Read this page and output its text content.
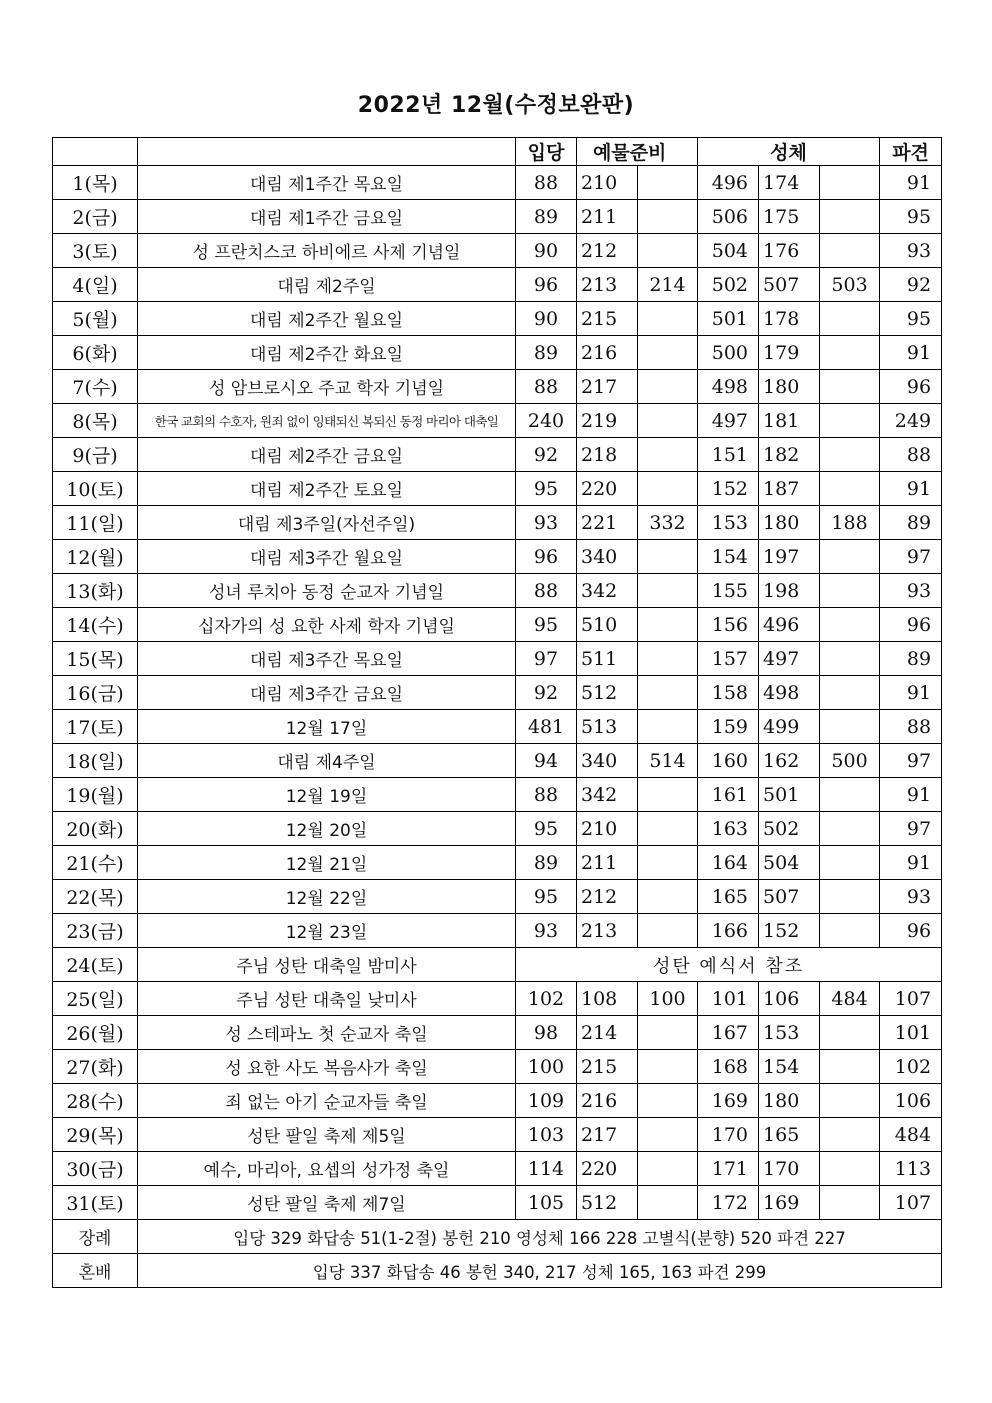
2022년 12월(수정보완판)
		입당	예물준비		성체			파견
1(목)	대림 제1주간 목요일	88	210		496	174		91
2(금)	대림 제1주간 금요일	89	211		506	175		95
3(토)	성 프란치스코 하비에르 사제 기념일	90	212		504	176		93
4(일)	대림 제2주일	96	213	214	502	507	503	92
5(월)	대림 제2주간 월요일	90	215		501	178		95
6(화)	대림 제2주간 화요일	89	216		500	179		91
7(수)	성 암브로시오 주교 학자 기념일	88	217		498	180		96
8(목)	한국 교회의 수호자, 원죄 없이 잉태되신 복되신 동정 마리아 대축일	240	219		497	181		249
9(금)	대림 제2주간 금요일	92	218		151	182		88
10(토)	대림 제2주간 토요일	95	220		152	187		91
11(일)	대림 제3주일(자선주일)	93	221	332	153	180	188	89
12(월)	대림 제3주간 월요일	96	340		154	197		97
13(화)	성녀 루치아 동정 순교자 기념일	88	342		155	198		93
14(수)	십자가의 성 요한 사제 학자 기념일	95	510		156	496		96
15(목)	대림 제3주간 목요일	97	511		157	497		89
16(금)	대림 제3주간 금요일	92	512		158	498		91
17(토)	12월 17일	481	513		159	499		88
18(일)	대림 제4주일	94	340	514	160	162	500	97
19(월)	12월 19일	88	342		161	501		91
20(화)	12월 20일	95	210		163	502		97
21(수)	12월 21일	89	211		164	504		91
22(목)	12월 22일	95	212		165	507		93
23(금)	12월 23일	93	213		166	152		96
24(토)	주님 성탄 대축일 밤미사	성탄 예식서 참조						
25(일)	주님 성탄 대축일 낮미사	102	108	100	101	106	484	107
26(월)	성 스테파노 첫 순교자 축일	98	214		167	153		101
27(화)	성 요한 사도 복음사가 축일	100	215		168	154		102
28(수)	죄 없는 아기 순교자들 축일	109	216		169	180		106
29(목)	성탄 팔일 축제 제5일	103	217		170	165		484
30(금)	예수, 마리아, 요셉의 성가정 축일	114	220		171	170		113
31(토)	성탄 팔일 축제 제7일	105	512		172	169		107
장례	입당 329 화답송 51(1-2절) 봉헌 210 영성체 166 228 고별식(분향) 520 파견 227							
혼배	입당 337 화답송 46 봉헌 340, 217 성체 165, 163 파견 299							
